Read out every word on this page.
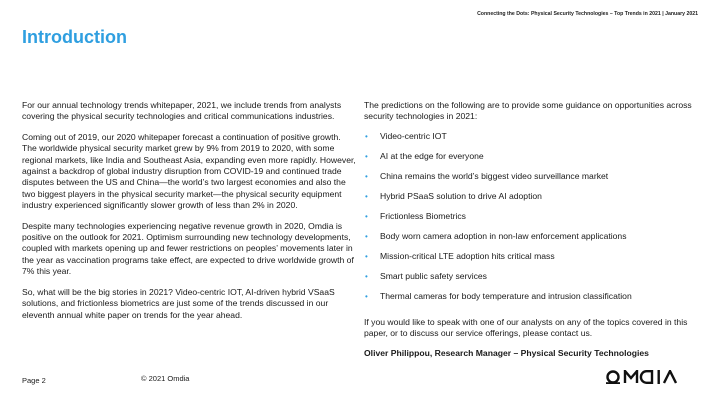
Connecting the Dots: Physical Security Technologies – Top Trends in 2021 | January 2021
Introduction

For our annual technology trends whitepaper, 2021, we include trends from analysts covering the physical security technologies and critical communications industries.

Coming out of 2019, our 2020 whitepaper forecast a continuation of positive growth. The worldwide physical security market grew by 9% from 2019 to 2020, with some regional markets, like India and Southeast Asia, expanding even more rapidly. However, against a backdrop of global industry disruption from COVID-19 and continued trade disputes between the US and China—the world’s two largest economies and also the two biggest players in the physical security market—the physical security equipment industry experienced significantly slower growth of less than 2% in 2020.

Despite many technologies experiencing negative revenue growth in 2020, Omdia is positive on the outlook for 2021. Optimism surrounding new technology developments, coupled with markets opening up and fewer restrictions on peoples’ movements later in the year as vaccination programs take effect, are expected to drive worldwide growth of 7% this year.

So, what will be the big stories in 2021? Video-centric IOT, AI-driven hybrid VSaaS solutions, and frictionless biometrics are just some of the trends discussed in our eleventh annual white paper on trends for the year ahead.

The predictions on the following are to provide some guidance on opportunities across security technologies in 2021:

• Video-centric IOT
• AI at the edge for everyone
• China remains the world’s biggest video surveillance market
• Hybrid PSaaS solution to drive AI adoption
• Frictionless Biometrics
• Body worn camera adoption in non-law enforcement applications
• Mission-critical LTE adoption hits critical mass
• Smart public safety services
• Thermal cameras for body temperature and intrusion classification

If you would like to speak with one of our analysts on any of the topics covered in this paper, or to discuss our service offerings, please contact us.

Oliver Philippou, Research Manager – Physical Security Technologies
Page 2	© 2021 Omdia
